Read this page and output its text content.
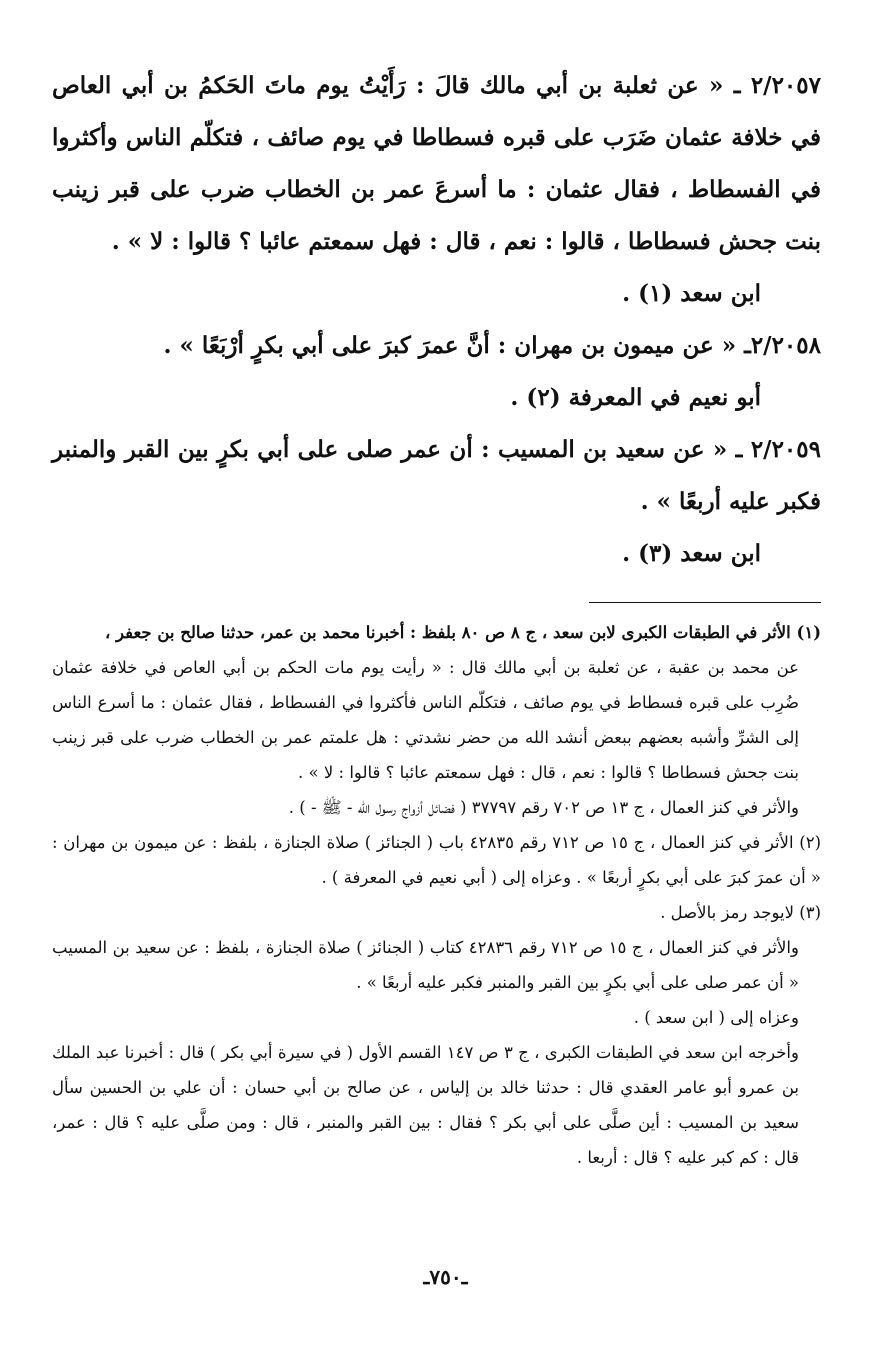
٢/٢٠٥٧ ـ « عن ثعلبة بن أبي مالك قالَ : رَأَيْتُ يوم ماتَ الحَكمُ بن أبي العاص في خلافة عثمان ضَرَب على قبره فسطاطا في يوم صائف ، فتكلّم الناس وأكثروا في الفسطاط ، فقال عثمان : ما أسرعَ عمر بن الخطاب ضرب على قبر زينب بنت جحش فسطاطا ، قالوا : نعم ، قال : فهل سمعتم عائبا ؟ قالوا : لا » .

ابن سعد (١) .

٢/٢٠٥٨ـ « عن ميمون بن مهران : أنَّ عمرَ كبرَ على أبي بكرٍ أرْبَعًا » .

أبو نعيم في المعرفة (٢) .

٢/٢٠٥٩ ـ « عن سعيد بن المسيب : أن عمر صلى على أبي بكرٍ بين القبر والمنبر فكبر عليه أربعًا » .

ابن سعد (٣) .

(١) الأثر في الطبقات الكبرى لابن سعد ، ج ٨ ص ٨٠ بلفظ : أخبرنا محمد بن عمر، حدثنا صالح بن جعفر ،

عن محمد بن عقبة ، عن ثعلبة بن أبي مالك قال : « رأيت يوم مات الحكم بن أبي العاص في خلافة عثمان ضُرِب على قبره فسطاط في يوم صائف ، فتكلّم الناس فأكثروا في الفسطاط ، فقال عثمان : ما أسرع الناس إلى الشرِّ وأشبه بعضهم ببعض أنشد الله من حضر نشدتي : هل علمتم عمر بن الخطاب ضرب على قبر زينب بنت جحش فسطاطا ؟ قالوا : نعم ، قال : فهل سمعتم عائبا ؟ قالوا : لا » .

والأثر في كنز العمال ، ج ١٣ ص ٧٠٢ رقم ٣٧٧٩٧ ( فضائل أزواج رسول الله - ﷺ - ) .

(٢) الأثر في كنز العمال ، ج ١٥ ص ٧١٢ رقم ٤٢٨٣٥ باب ( الجنائز ) صلاة الجنازة ، بلفظ : عن ميمون بن مهران : « أن عمرَ كبرَ على أبي بكرٍ أربعًا » . وعزاه إلى ( أبي نعيم في المعرفة ) .

(٣) لايوجد رمز بالأصل .

والأثر في كنز العمال ، ج ١٥ ص ٧١٢ رقم ٤٢٨٣٦ كتاب ( الجنائز ) صلاة الجنازة ، بلفظ : عن سعيد بن المسيب « أن عمر صلى على أبي بكرٍ بين القبر والمنبر فكبر عليه أربعًا » .

وعزاه إلى ( ابن سعد ) .

وأخرجه ابن سعد في الطبقات الكبرى ، ج ٣ ص ١٤٧ القسم الأول ( في سيرة أبي بكر ) قال : أخبرنا عبد الملك بن عمرو أبو عامر العقدي قال : حدثنا خالد بن إلياس ، عن صالح بن أبي حسان : أن علي بن الحسين سأل سعيد بن المسيب : أين صلَّى على أبي بكر ؟ فقال : بين القبر والمنبر ، قال : ومن صلَّى عليه ؟ قال : عمر، قال : كم كبر عليه ؟ قال : أربعا .

ـ٧٥٠ـ
